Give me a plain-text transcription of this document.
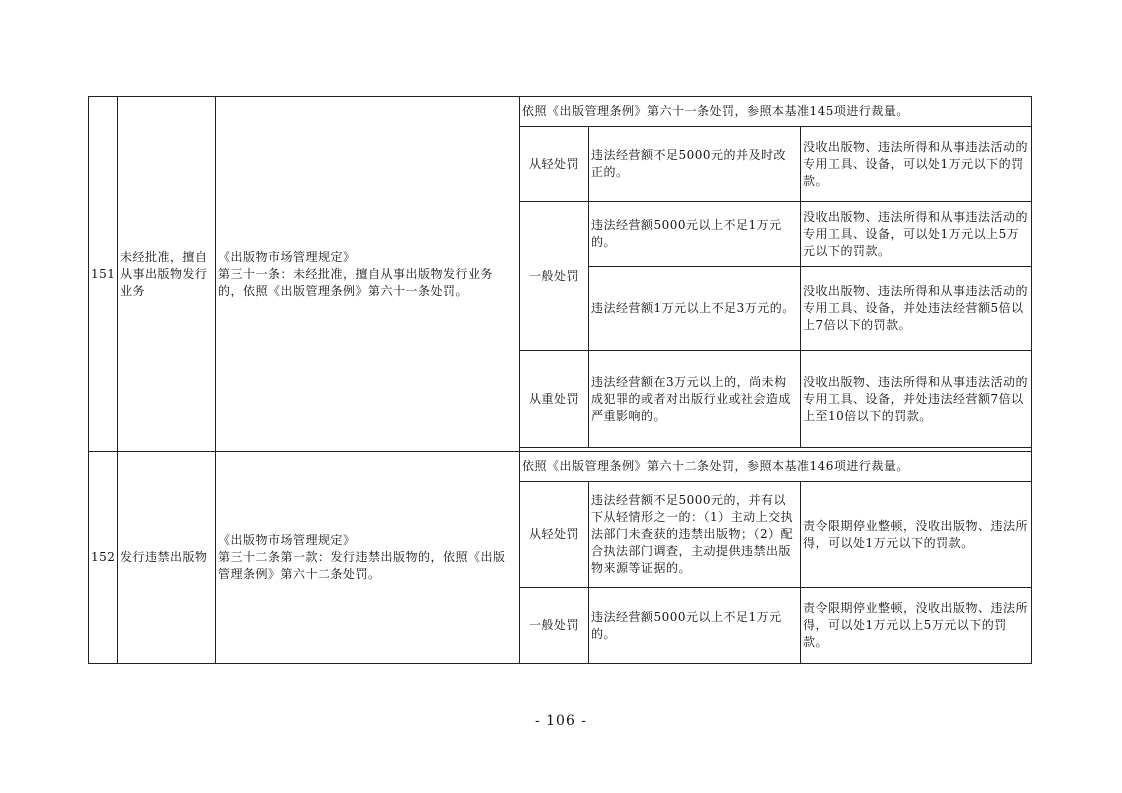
151	未经批准，擅自从事出版物发行业务	《出版物市场管理规定》
第三十一条：未经批准，擅自从事出版物发行业务的，依照《出版管理条例》第六十一条处罚。	依照《出版管理条例》第六十一条处罚，参照本基准145项进行裁量。		
			从轻处罚	违法经营额不足5000元的并及时改正的。	没收出版物、违法所得和从事违法活动的专用工具、设备，可以处1万元以下的罚款。
			一般处罚	违法经营额5000元以上不足1万元的。	没收出版物、违法所得和从事违法活动的专用工具、设备，可以处1万元以上5万元以下的罚款。
				违法经营额1万元以上不足3万元的。	没收出版物、违法所得和从事违法活动的专用工具、设备，并处违法经营额5倍以上7倍以下的罚款。
			从重处罚	违法经营额在3万元以上的，尚未构成犯罪的或者对出版行业或社会造成严重影响的。	没收出版物、违法所得和从事违法活动的专用工具、设备，并处违法经营额7倍以上至10倍以下的罚款。

152	发行违禁出版物	《出版物市场管理规定》
第三十二条第一款：发行违禁出版物的，依照《出版管理条例》第六十二条处罚。	依照《出版管理条例》第六十二条处罚，参照本基准146项进行裁量。		
			从轻处罚	违法经营额不足5000元的，并有以下从轻情形之一的：（1）主动上交执法部门未查获的违禁出版物；（2）配合执法部门调查，主动提供违禁出版物来源等证据的。	责令限期停业整顿，没收出版物、违法所得，可以处1万元以下的罚款。
			一般处罚	违法经营额5000元以上不足1万元的。	责令限期停业整顿，没收出版物、违法所得，可以处1万元以上5万元以下的罚款。
- 106 -
